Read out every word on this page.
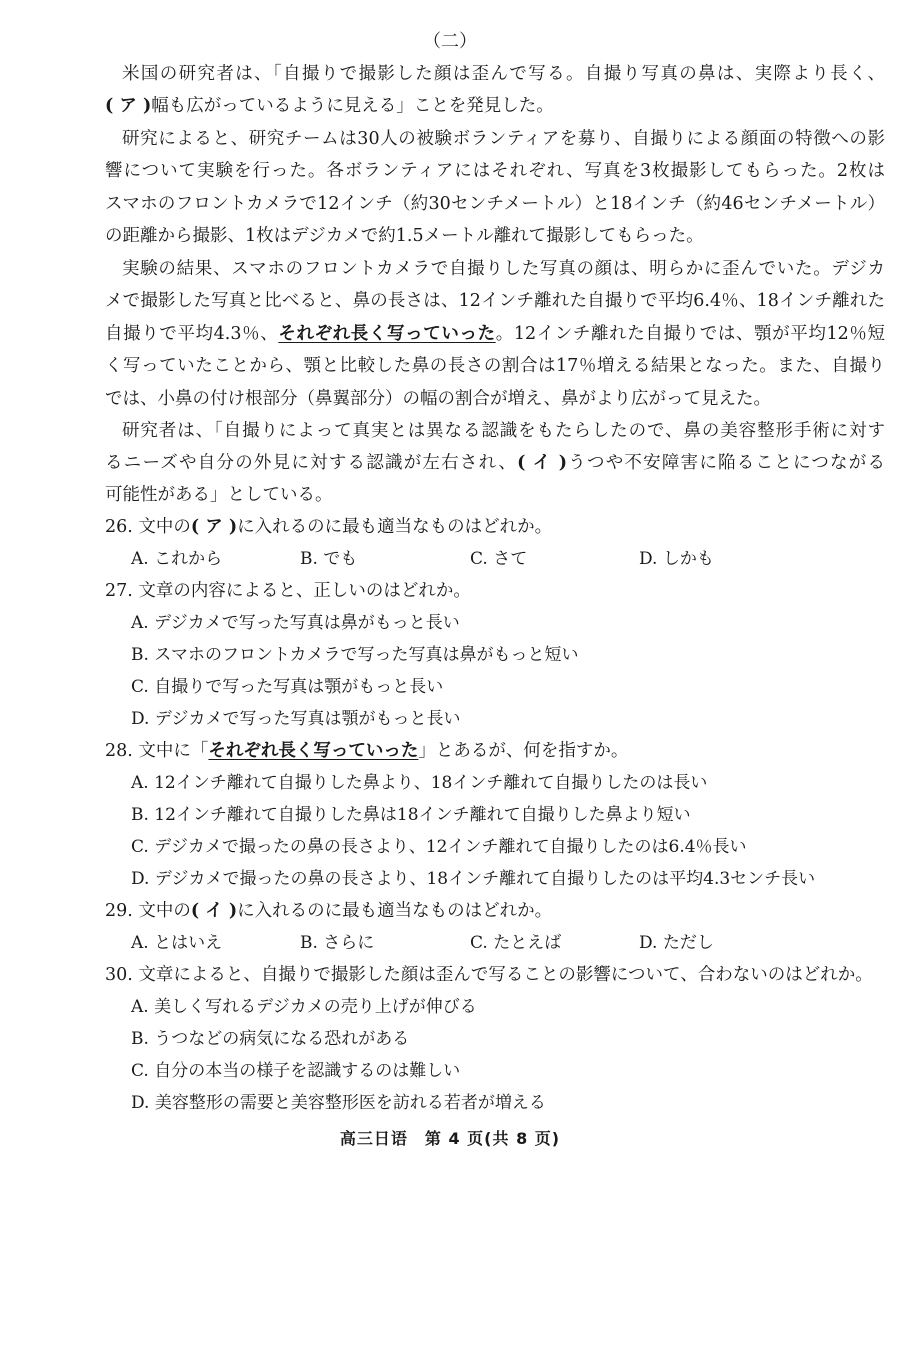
（二）
米国の研究者は、「自撮りで撮影した顔は歪んで写る。自撮り写真の鼻は、実際より長く、
( ア )幅も広がっているように見える」ことを発見した。
研究によると、研究チームは30人の被験ボランティアを募り、自撮りによる顔面の特徴への影
響について実験を行った。各ボランティアにはそれぞれ、写真を3枚撮影してもらった。2枚は
スマホのフロントカメラで12インチ（約30センチメートル）と18インチ（約46センチメートル）
の距離から撮影、1枚はデジカメで約1.5メートル離れて撮影してもらった。
実験の結果、スマホのフロントカメラで自撮りした写真の顔は、明らかに歪んでいた。デジカ
メで撮影した写真と比べると、鼻の長さは、12インチ離れた自撮りで平均6.4％、18インチ離れた
自撮りで平均4.3％、それぞれ長く写っていった。12インチ離れた自撮りでは、顎が平均12％短
く写っていたことから、顎と比較した鼻の長さの割合は17％増える結果となった。また、自撮り
では、小鼻の付け根部分（鼻翼部分）の幅の割合が増え、鼻がより広がって見えた。
研究者は、「自撮りによって真実とは異なる認識をもたらしたので、鼻の美容整形手術に対す
るニーズや自分の外見に対する認識が左右され、( イ )うつや不安障害に陥ることにつながる
可能性がある」としている。
26. 文中の( ア )に入れるのに最も適当なものはどれか。
A. これから	B. でも	C. さて	D. しかも
27. 文章の内容によると、正しいのはどれか。
A. デジカメで写った写真は鼻がもっと長い
B. スマホのフロントカメラで写った写真は鼻がもっと短い
C. 自撮りで写った写真は顎がもっと長い
D. デジカメで写った写真は顎がもっと長い
28. 文中に「それぞれ長く写っていった」とあるが、何を指すか。
A. 12インチ離れて自撮りした鼻より、18インチ離れて自撮りしたのは長い
B. 12インチ離れて自撮りした鼻は18インチ離れて自撮りした鼻より短い
C. デジカメで撮ったの鼻の長さより、12インチ離れて自撮りしたのは6.4％長い
D. デジカメで撮ったの鼻の長さより、18インチ離れて自撮りしたのは平均4.3センチ長い
29. 文中の( イ )に入れるのに最も適当なものはどれか。
A. とはいえ	B. さらに	C. たとえば	D. ただし
30. 文章によると、自撮りで撮影した顔は歪んで写ることの影響について、合わないのはどれか。
A. 美しく写れるデジカメの売り上げが伸びる
B. うつなどの病気になる恐れがある
C. 自分の本当の様子を認識するのは難しい
D. 美容整形の需要と美容整形医を訪れる若者が増える
高三日语　第 4 页(共 8 页)
